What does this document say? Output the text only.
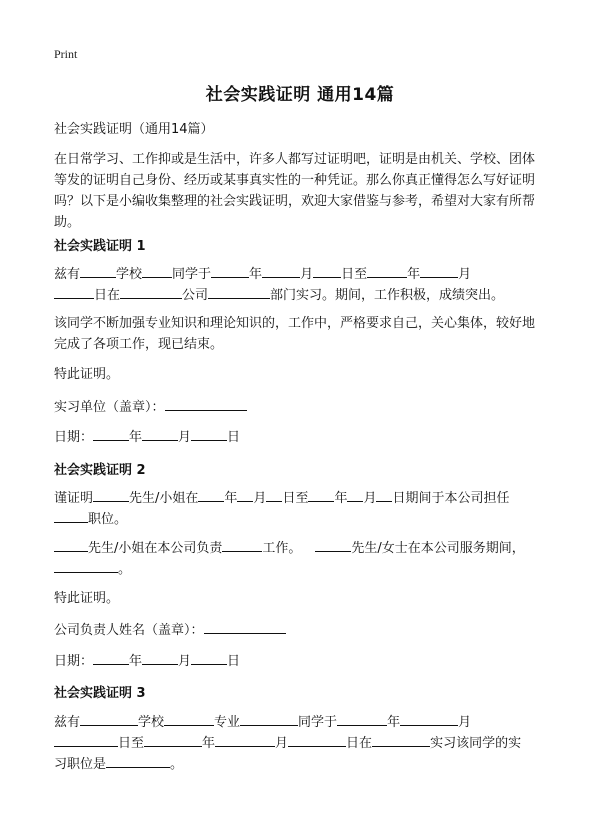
Print
社会实践证明 通用14篇
社会实践证明（通用14篇）
在日常学习、工作抑或是生活中，许多人都写过证明吧，证明是由机关、学校、团体等发的证明自己身份、经历或某事真实性的一种凭证。那么你真正懂得怎么写好证明吗？以下是小编收集整理的社会实践证明，欢迎大家借鉴与参考，希望对大家有所帮助。
社会实践证明 1
兹有	学校 同学于	年	月 日至	年	月
日在	公司	部门实习。期间，工作积极，成绩突出。
该同学不断加强专业知识和理论知识的，工作中，严格要求自己，关心集体，较好地完成了各项工作，现已结束。
特此证明。
实习单位（盖章）：
日期：	年	月	日
社会实践证明 2
谨证明	先生/小姐在 年 月 日至 年 月 日期间于本公司担任
职位。
先生/小姐在本公司负责	工作。	先生/女士在本公司服务期间，
。
特此证明。
公司负责人姓名（盖章）：
日期：	年	月	日
社会实践证明 3
兹有	学校	专业	同学于	年	月
日至	年	月	日在	实习该同学的实
习职位是	。
